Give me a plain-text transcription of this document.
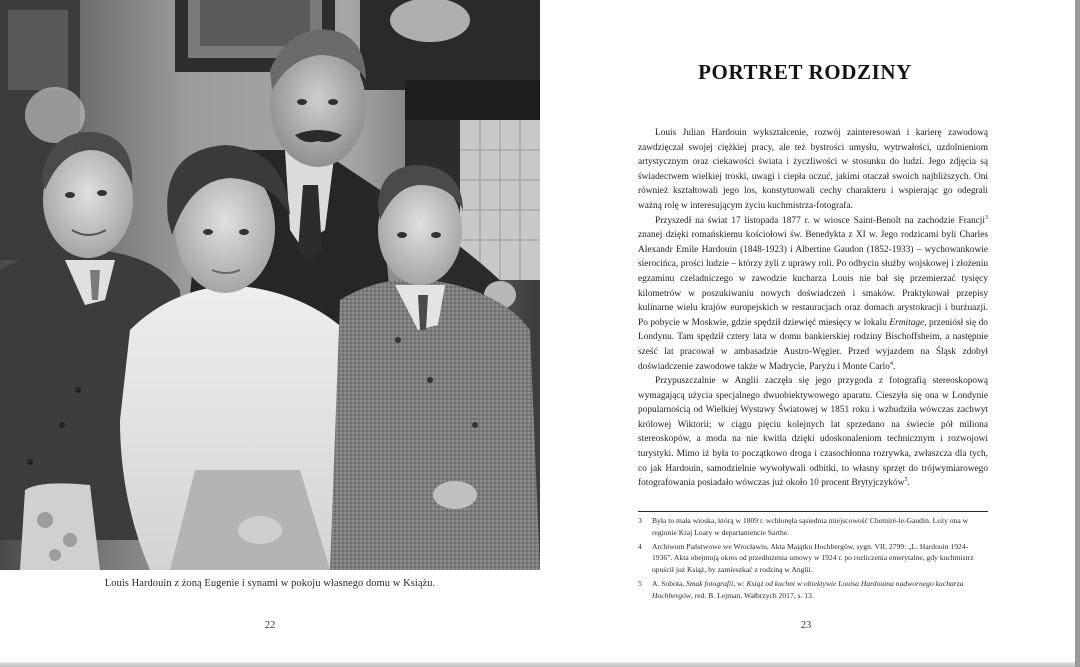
Louis Hardouin z żoną Eugenie i synami w pokoju własnego domu w Książu.
22
PORTRET RODZINY

Louis Julian Hardouin wykształcenie, rozwój zainteresowań i karierę zawodową zawdzięczał swojej ciężkiej pracy, ale też bystrości umysłu, wytrwałości, uzdolnieniom artystycznym oraz ciekawości świata i życzliwości w stosunku do ludzi. Jego zdjęcia są świadectwem wielkiej troski, uwagi i ciepła uczuć, jakimi otaczał swoich najbliższych. Oni również kształtowali jego los, konstytuowali cechy charakteru i wspierając go odegrali ważną rolę w interesującym życiu kuchmistrza-fotografa.

Przyszedł na świat 17 listopada 1877 r. w wiosce Saint-Benoît na zachodzie Francji$^3$ znanej dzięki romańskiemu kościołowi św. Benedykta z XI w. Jego rodzicami byli Charles Alexandr Emile Hardouin (1848-1923) i Albertine Gaudon (1852-1933) – wychowankowie sierocińca, prości ludzie – którzy żyli z uprawy roli. Po odbyciu służby wojskowej i złożeniu egzaminu czeladniczego w zawodzie kucharza Louis nie bał się przemierzać tysięcy kilometrów w poszukiwaniu nowych doświadczeń i smaków. Praktykował przepisy kulinarne wielu krajów europejskich w restauracjach oraz domach arystokracji i burżuazji. Po pobycie w Moskwie, gdzie spędził dziewięć miesięcy w lokalu Ermitage, przeniósł się do Londynu. Tam spędził cztery lata w domu bankierskiej rodziny Bischoffsheim, a następnie sześć lat pracował w ambasadzie Austro-Węgier. Przed wyjazdem na Śląsk zdobył doświadczenie zawodowe także w Madrycie, Paryżu i Monte Carlo$^4$.

Przypuszczalnie w Anglii zaczęła się jego przygoda z fotografią stereoskopową wymagającą użycia specjalnego dwuobiektywowego aparatu. Cieszyła się ona w Londynie popularnością od Wielkiej Wystawy Światowej w 1851 roku i wzbudziła wówczas zachwyt królowej Wiktorii; w ciągu pięciu kolejnych lat sprzedano na świecie pół miliona stereoskopów, a moda na nie kwitła dzięki udoskonaleniom technicznym i rozwojowi turystyki. Mimo iż była to początkowo droga i czasochłonna rozrywka, zwłaszcza dla tych, co jak Hardouin, samodzielnie wywoływali odbitki, to własny sprzęt do trójwymiarowego fotografowania posiadało wówczas już około 10 procent Brytyjczyków$^5$.

3	Była to mała wioska, którą w 1809 r. wchłonęła sąsiednia miejscowość Chemiré-le-Gaudin. Leży ona w regionie Kraj Loary w departamencie Sarthe.
4	Archiwum Państwowe we Wrocławiu, Akta Majątku Hochbergów, sygn. VII, 2799: „L. Hardouin 1924-1936”. Akta obejmują okres od przedłużenia umowy w 1924 r. po rozliczenia emerytalne, gdy kuchmistrz opuścił już Książ, by zamieszkać z rodziną w Anglii.
5	A. Sobota, Smak fotografii, w: Książ od kuchni w obiektywie Louisa Hardouina nadwornego kucharza Hochbergów, red. B. Lejman, Wałbrzych 2017, s. 13.
23
